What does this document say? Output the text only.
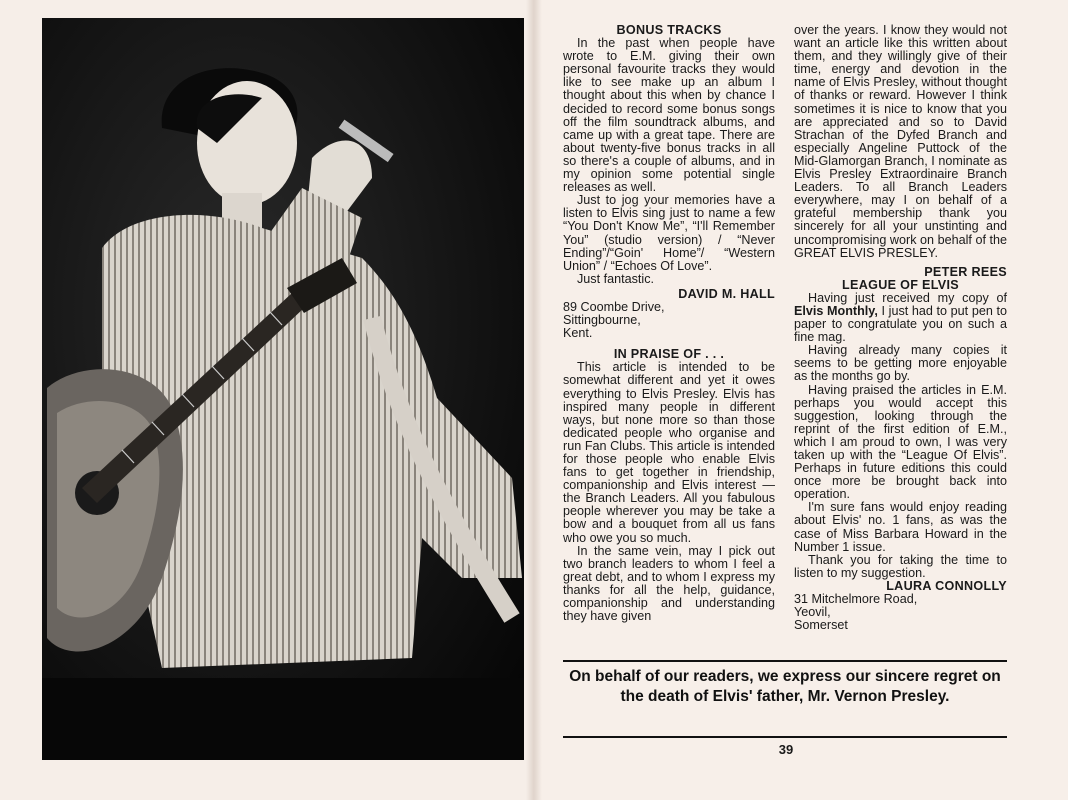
BONUS TRACKS

In the past when people have wrote to E.M. giving their own personal favourite tracks they would like to see make up an album I thought about this when by chance I decided to record some bonus songs off the film soundtrack albums, and came up with a great tape. There are about twenty-five bonus tracks in all so there's a couple of albums, and in my opinion some potential single releases as well.

Just to jog your memories have a listen to Elvis sing just to name a few “You Don't Know Me”, “I'll Remember You” (studio version) / “Never Ending”/“Goin' Home”/ “Western Union” / “Echoes Of Love”.

Just fantastic.

DAVID M. HALL

89 Coombe Drive,

Sittingbourne,

Kent.

IN PRAISE OF . . .

This article is intended to be somewhat different and yet it owes everything to Elvis Presley. Elvis has inspired many people in different ways, but none more so than those dedicated people who organise and run Fan Clubs. This article is intended for those people who enable Elvis fans to get together in friendship, companionship and Elvis interest — the Branch Leaders. All you fabulous people wherever you may be take a bow and a bouquet from all us fans who owe you so much.

In the same vein, may I pick out two branch leaders to whom I feel a great debt, and to whom I express my thanks for all the help, guidance, companionship and understanding they have given

over the years. I know they would not want an article like this written about them, and they willingly give of their time, energy and devotion in the name of Elvis Presley, without thought of thanks or reward. However I think sometimes it is nice to know that you are appreciated and so to David Strachan of the Dyfed Branch and especially Angeline Puttock of the Mid-Glamorgan Branch, I nominate as Elvis Presley Extraordinaire Branch Leaders. To all Branch Leaders everywhere, may I on behalf of a grateful membership thank you sincerely for all your unstinting and uncompromising work on behalf of the GREAT ELVIS PRESLEY.

PETER REES

LEAGUE OF ELVIS

Having just received my copy of Elvis Monthly, I just had to put pen to paper to congratulate you on such a fine mag.

Having already many copies it seems to be getting more enjoyable as the months go by.

Having praised the articles in E.M. perhaps you would accept this suggestion, looking through the reprint of the first edition of E.M., which I am proud to own, I was very taken up with the “League Of Elvis”. Perhaps in future editions this could once more be brought back into operation.

I'm sure fans would enjoy reading about Elvis' no. 1 fans, as was the case of Miss Barbara Howard in the Number 1 issue.

Thank you for taking the time to listen to my suggestion.

LAURA CONNOLLY

31 Mitchelmore Road,

Yeovil,

Somerset

On behalf of our readers, we express our sincere regret on the death of Elvis' father, Mr. Vernon Presley.
39
